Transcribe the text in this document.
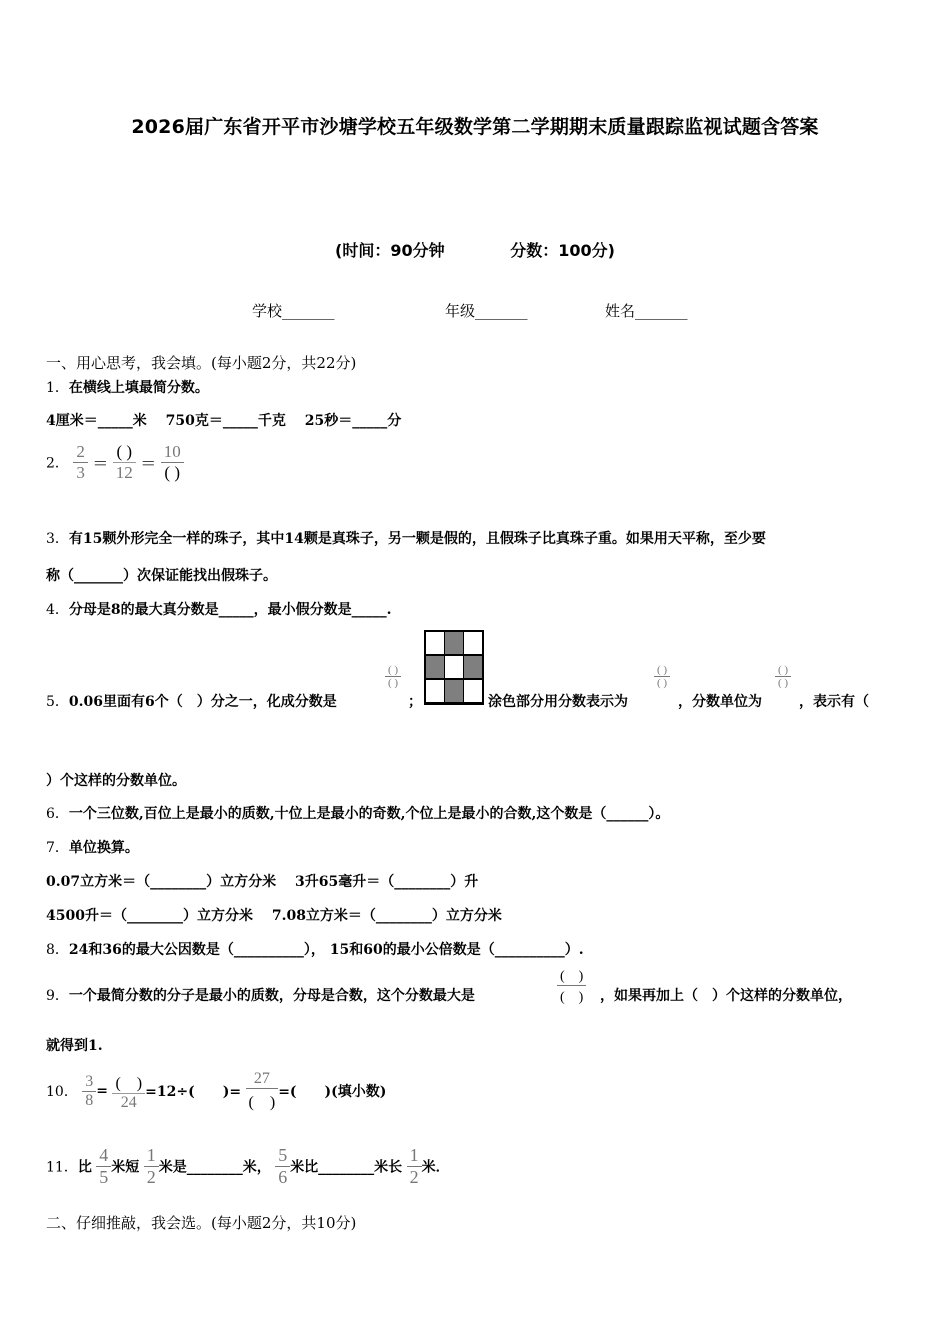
2026届广东省开平市沙塘学校五年级数学第二学期期末质量跟踪监视试题含答案
(时间：90分钟	分数：100分)
学校_______	年级_______	姓名_______
一、用心思考，我会填。(每小题2分，共22分)
1．在横线上填最简分数。
4厘米＝_____米　 750克＝_____千克　 25秒＝_____分
2． $\frac{2}{3} = \frac{( )}{12} = \frac{10}{( )}$
3．有15颗外形完全一样的珠子，其中14颗是真珠子，另一颗是假的，且假珠子比真珠子重。如果用天平称，至少要
称（_______）次保证能找出假珠子。
4．分母是8的最大真分数是_____，最小假分数是_____.
5．0.06里面有6个（　）分之一，化成分数是
( )
( )
；	涂色部分用分数表示为
( )
( )
，分数单位为
( )
( )
，表示有（
）个这样的分数单位。
6．一个三位数,百位上是最小的质数,十位上是最小的奇数,个位上是最小的合数,这个数是（______）。
7．单位换算。
0.07立方米＝（________）立方分米　 3升65毫升＝（________）升
4500升＝（________）立方分米　 7.08立方米＝（________）立方分米
8．24和36的最大公因数是（__________）， 15和60的最小公倍数是（__________）.
9．一个最简分数的分子是最小的质数，分母是合数，这个分数最大是
(　)
(　) ，如果再加上（　）个这样的分数单位，
就得到1.
10． $\frac{3}{8} = \frac{( )}{24} =12\div$(　　)= $\frac{27}{( )}$ =(　　)(填小数)
11．比 $\frac{4}{5}$ 米短 $\frac{1}{2}$ 米是________米， $\frac{5}{6}$ 米比________米长 $\frac{1}{2}$ 米．
二、仔细推敲，我会选。(每小题2分，共10分)
